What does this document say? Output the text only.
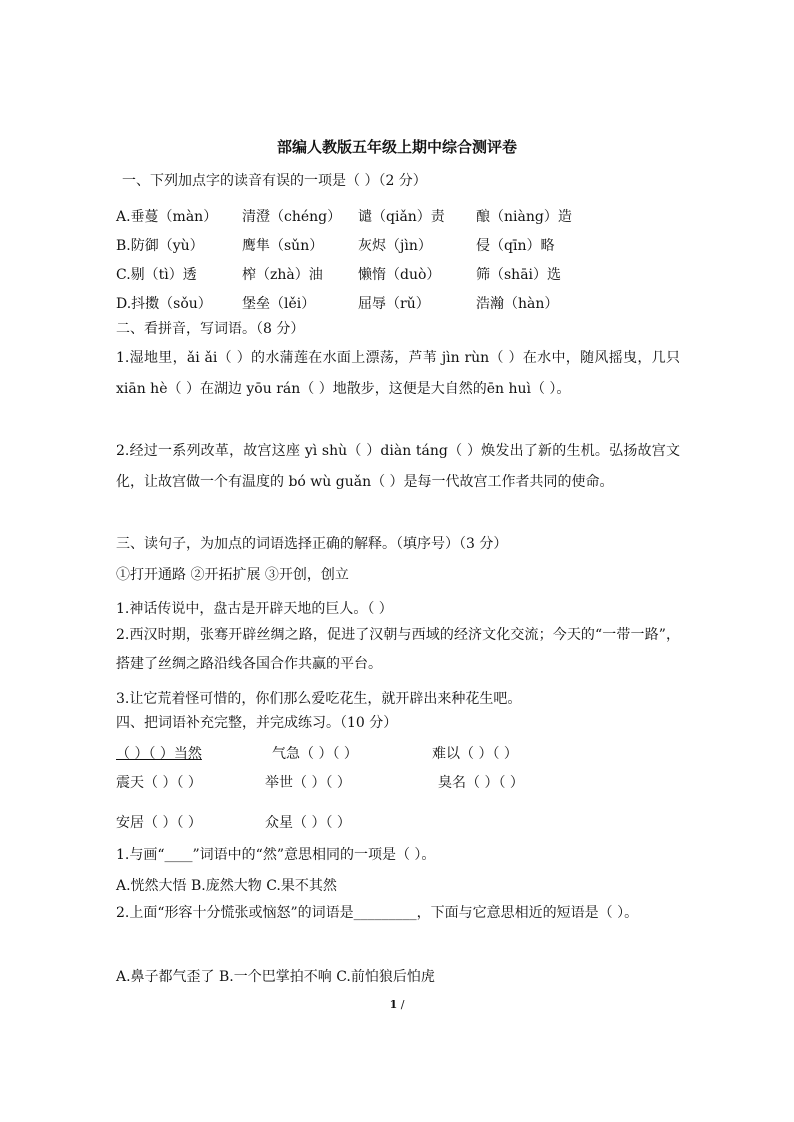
部编人教版五年级上期中综合测评卷
一、下列加点字的读音有误的一项是（ ）（2 分）
A.垂蔓（màn） 清澄（chéng） 谴（qiǎn）责 酿（niàng）造
B.防御（yù）	鹰隼（sǔn） 灰烬（jìn）	侵（qīn）略
C.剔（tì）透	榨（zhà）油	懒惰（duò）	筛（shāi）选
D.抖擞（sǒu） 堡垒（lěi）	屈辱（rǔ）	浩瀚（hàn）
二、看拼音，写词语。（8 分）
1.湿地里，ǎi ǎi（ ）的水蒲莲在水面上漂荡，芦苇 jìn rùn（ ）在水中，随风摇曳，几只 xiān hè（ ）在湖边 yōu rán（ ）地散步，这便是大自然的ēn huì（ ）。
2.经过一系列改革，故宫这座 yì shù（ ）diàn táng（ ）焕发出了新的生机。弘扬故宫文化，让故宫做一个有温度的 bó wù guǎn（ ）是每一代故宫工作者共同的使命。
三、读句子，为加点的词语选择正确的解释。（填序号）（3 分）
①打开通路 ②开拓扩展 ③开创，创立
1.神话传说中，盘古是开辟天地的巨人。（ ）
2.西汉时期，张骞开辟丝绸之路，促进了汉朝与西域的经济文化交流；今天的“一带一路”，搭建了丝绸之路沿线各国合作共赢的平台。
3.让它荒着怪可惜的，你们那么爱吃花生，就开辟出来种花生吧。
四、把词语补充完整，并完成练习。（10 分）
（ ）（ ）当然	气急（ ）（ ）	难以（ ）（ ）
震天（ ）（ ）	举世（ ）（ ）	臭名（ ）（ ）
安居（ ）（ ）	众星（ ）（ ）
1.与画“____”词语中的“然”意思相同的一项是（ ）。
A.恍然大悟 B.庞然大物 C.果不其然
2.上面“形容十分慌张或恼怒”的词语是_________，下面与它意思相近的短语是（ ）。
A.鼻子都气歪了 B.一个巴掌拍不响 C.前怕狼后怕虎
1 /
